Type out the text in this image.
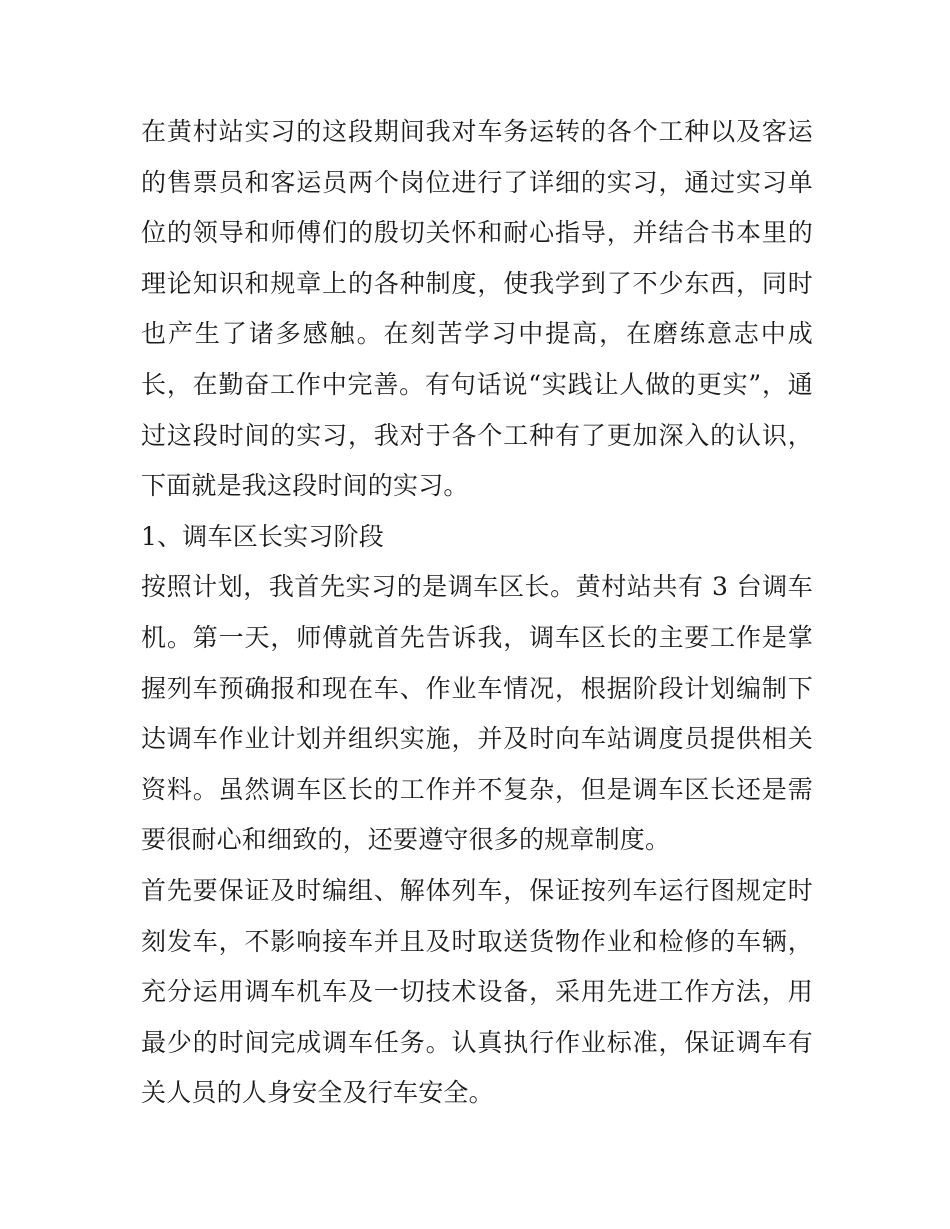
在黄村站实习的这段期间我对车务运转的各个工种以及客运的售票员和客运员两个岗位进行了详细的实习，通过实习单位的领导和师傅们的殷切关怀和耐心指导，并结合书本里的理论知识和规章上的各种制度，使我学到了不少东西，同时也产生了诸多感触。在刻苦学习中提高，在磨练意志中成长，在勤奋工作中完善。有句话说“实践让人做的更实”，通过这段时间的实习，我对于各个工种有了更加深入的认识，下面就是我这段时间的实习。

1、调车区长实习阶段

按照计划，我首先实习的是调车区长。黄村站共有 3 台调车机。第一天，师傅就首先告诉我，调车区长的主要工作是掌握列车预确报和现在车、作业车情况，根据阶段计划编制下达调车作业计划并组织实施，并及时向车站调度员提供相关资料。虽然调车区长的工作并不复杂，但是调车区长还是需要很耐心和细致的，还要遵守很多的规章制度。

首先要保证及时编组、解体列车，保证按列车运行图规定时刻发车，不影响接车并且及时取送货物作业和检修的车辆，充分运用调车机车及一切技术设备，采用先进工作方法，用最少的时间完成调车任务。认真执行作业标准，保证调车有关人员的人身安全及行车安全。
